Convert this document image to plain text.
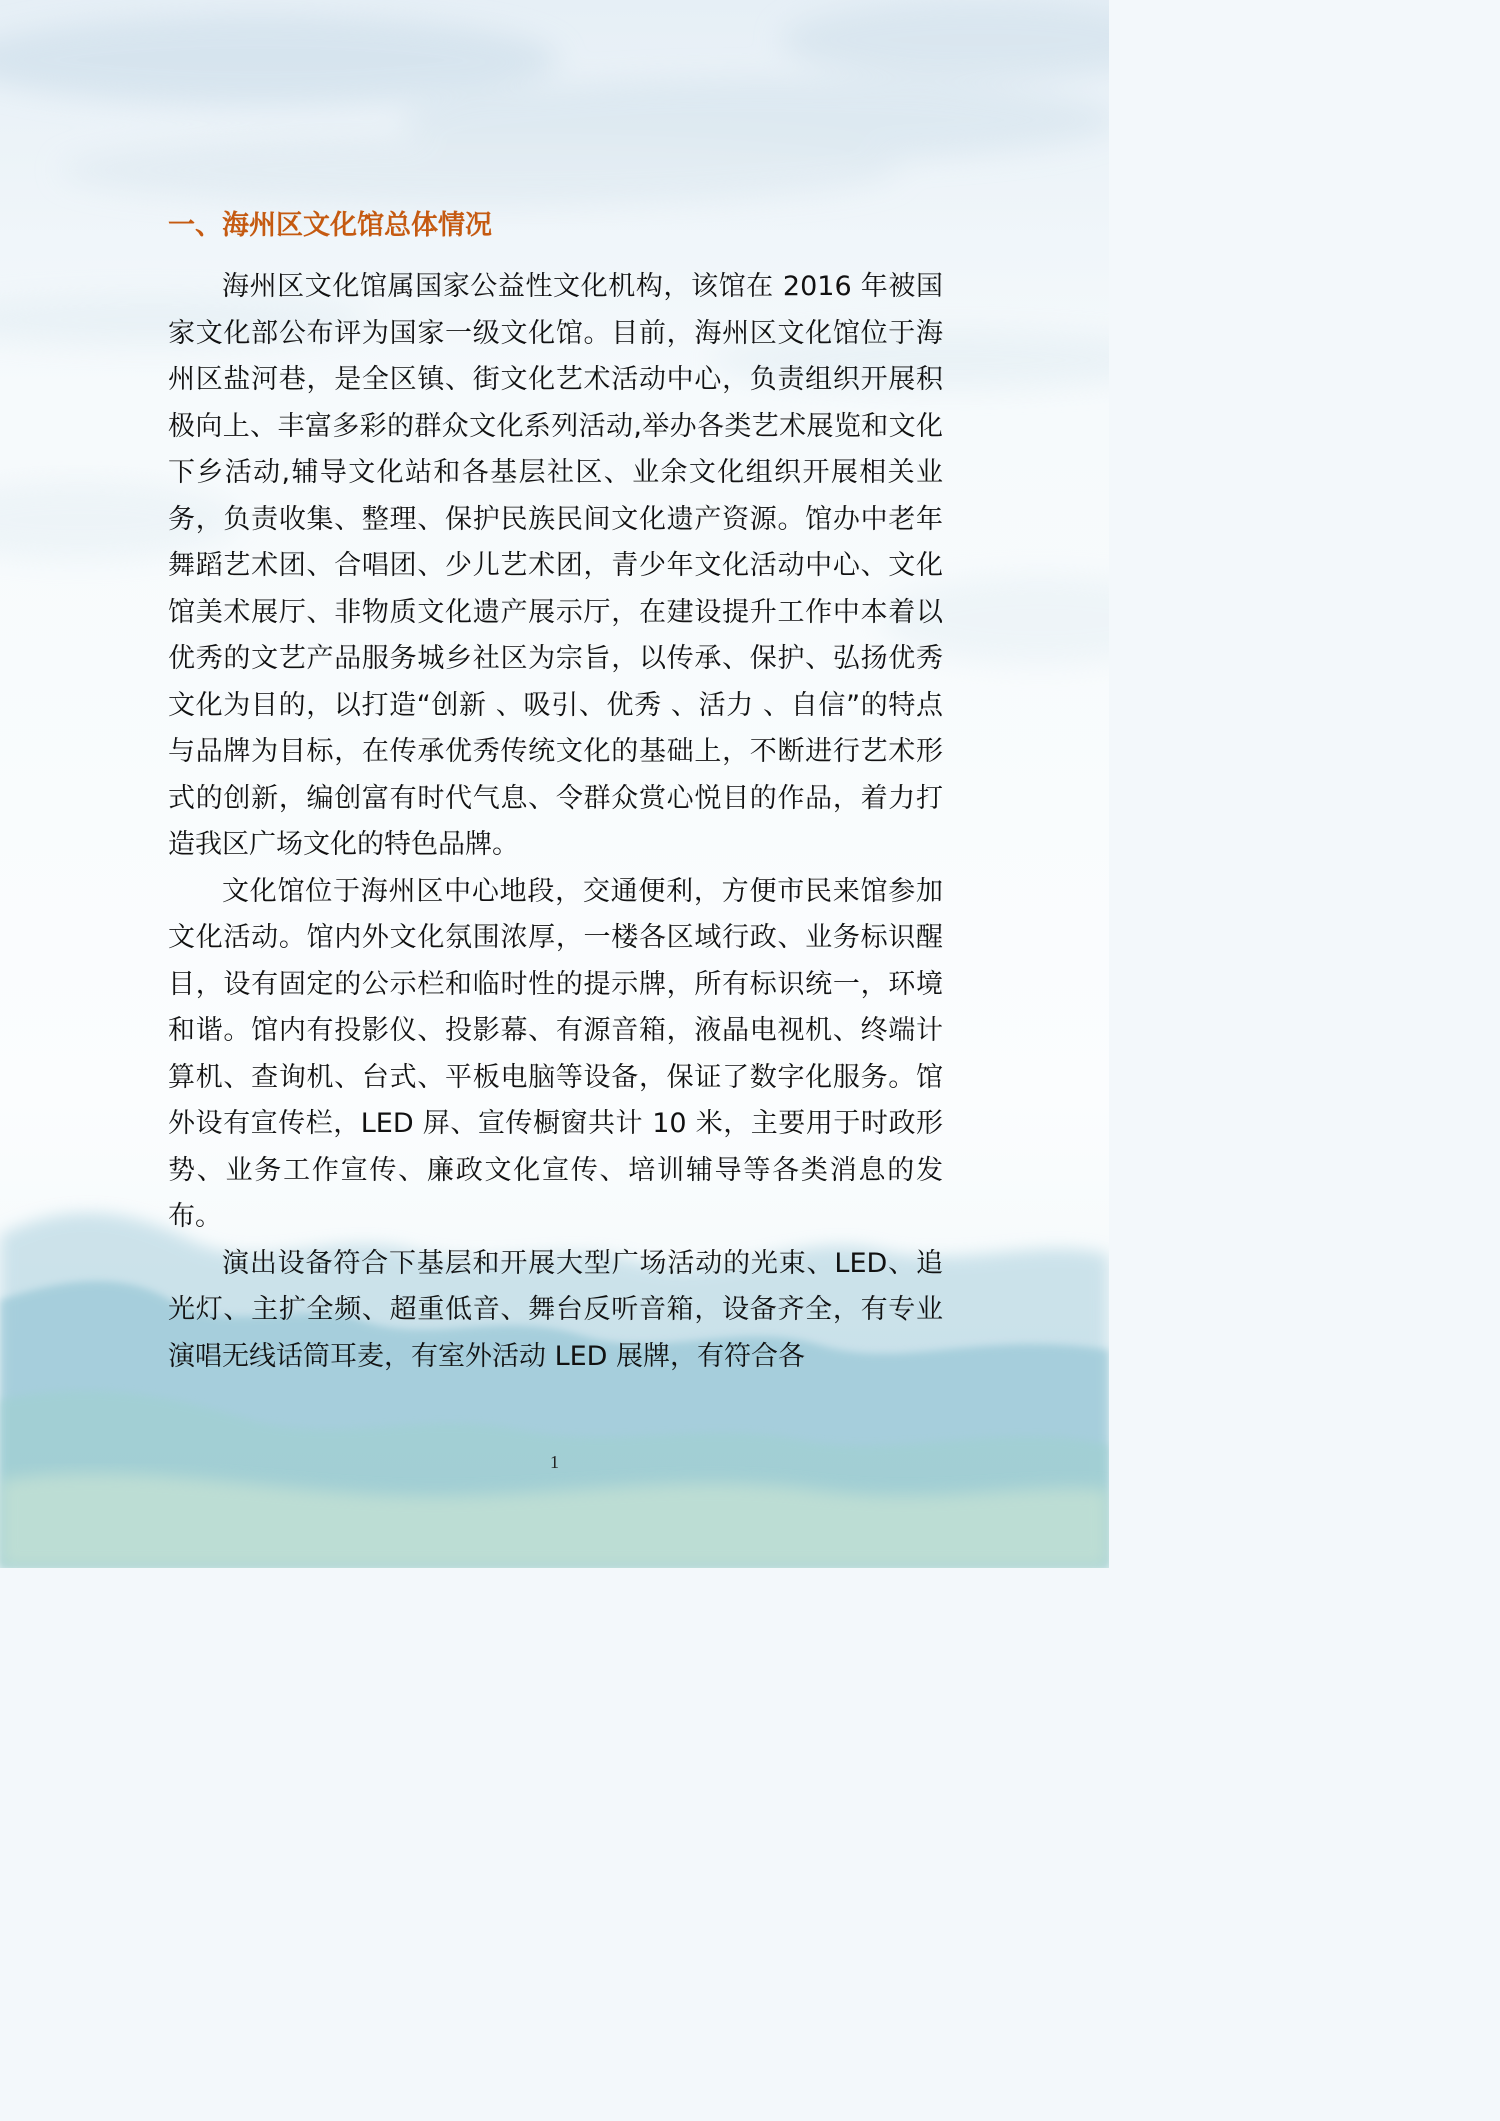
一、海州区文化馆总体情况

海州区文化馆属国家公益性文化机构，该馆在 2016 年被国家文化部公布评为国家一级文化馆。目前，海州区文化馆位于海州区盐河巷，是全区镇、街文化艺术活动中心，负责组织开展积极向上、丰富多彩的群众文化系列活动,举办各类艺术展览和文化下乡活动,辅导文化站和各基层社区、业余文化组织开展相关业务，负责收集、整理、保护民族民间文化遗产资源。馆办中老年舞蹈艺术团、合唱团、少儿艺术团，青少年文化活动中心、文化馆美术展厅、非物质文化遗产展示厅，在建设提升工作中本着以优秀的文艺产品服务城乡社区为宗旨，以传承、保护、弘扬优秀文化为目的，以打造“创新 、吸引、优秀 、活力 、自信”的特点与品牌为目标，在传承优秀传统文化的基础上，不断进行艺术形式的创新，编创富有时代气息、令群众赏心悦目的作品，着力打造我区广场文化的特色品牌。

文化馆位于海州区中心地段，交通便利，方便市民来馆参加文化活动。馆内外文化氛围浓厚，一楼各区域行政、业务标识醒目，设有固定的公示栏和临时性的提示牌，所有标识统一，环境和谐。馆内有投影仪、投影幕、有源音箱，液晶电视机、终端计算机、查询机、台式、平板电脑等设备，保证了数字化服务。馆外设有宣传栏，LED 屏、宣传橱窗共计 10 米，主要用于时政形势、业务工作宣传、廉政文化宣传、培训辅导等各类消息的发布。

演出设备符合下基层和开展大型广场活动的光束、LED、追光灯、主扩全频、超重低音、舞台反听音箱，设备齐全，有专业演唱无线话筒耳麦，有室外活动 LED 展牌，有符合各

1
